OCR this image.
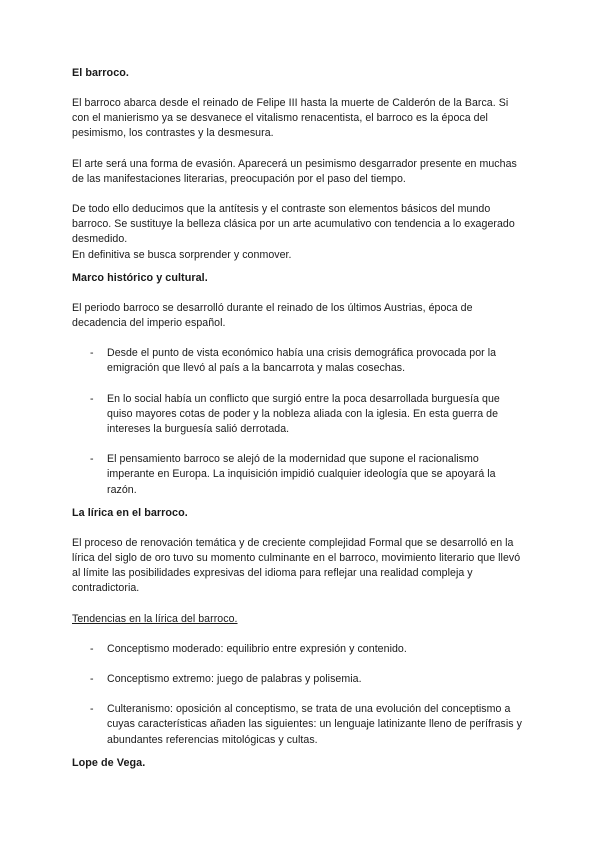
El barroco.

El barroco abarca desde el reinado de Felipe III hasta la muerte de Calderón de la Barca. Si con el manierismo ya se desvanece el vitalismo renacentista, el barroco es la época del pesimismo, los contrastes y la desmesura.

El arte será una forma de evasión. Aparecerá un pesimismo desgarrador presente en muchas de las manifestaciones literarias, preocupación por el paso del tiempo.

De todo ello deducimos que la antítesis y el contraste son elementos básicos del mundo barroco. Se sustituye la belleza clásica por un arte acumulativo con tendencia a lo exagerado desmedido.

En definitiva se busca sorprender y conmover.

Marco histórico y cultural.

El periodo barroco se desarrolló durante el reinado de los últimos Austrias, época de decadencia del imperio español.

- Desde el punto de vista económico había una crisis demográfica provocada por la emigración que llevó al país a la bancarrota y malas cosechas.
- En lo social había un conflicto que surgió entre la poca desarrollada burguesía que quiso mayores cotas de poder y la nobleza aliada con la iglesia. En esta guerra de intereses la burguesía salió derrotada.
- El pensamiento barroco se alejó de la modernidad que supone el racionalismo imperante en Europa. La inquisición impidió cualquier ideología que se apoyará la razón.
La lírica en el barroco.

El proceso de renovación temática y de creciente complejidad Formal que se desarrolló en la lírica del siglo de oro tuvo su momento culminante en el barroco, movimiento literario que llevó al límite las posibilidades expresivas del idioma para reflejar una realidad compleja y contradictoria.

Tendencias en la lírica del barroco.

- Conceptismo moderado: equilibrio entre expresión y contenido.
- Conceptismo extremo: juego de palabras y polisemia.
- Culteranismo: oposición al conceptismo, se trata de una evolución del conceptismo a cuyas características añaden las siguientes: un lenguaje latinizante lleno de perífrasis y abundantes referencias mitológicas y cultas.
Lope de Vega.
